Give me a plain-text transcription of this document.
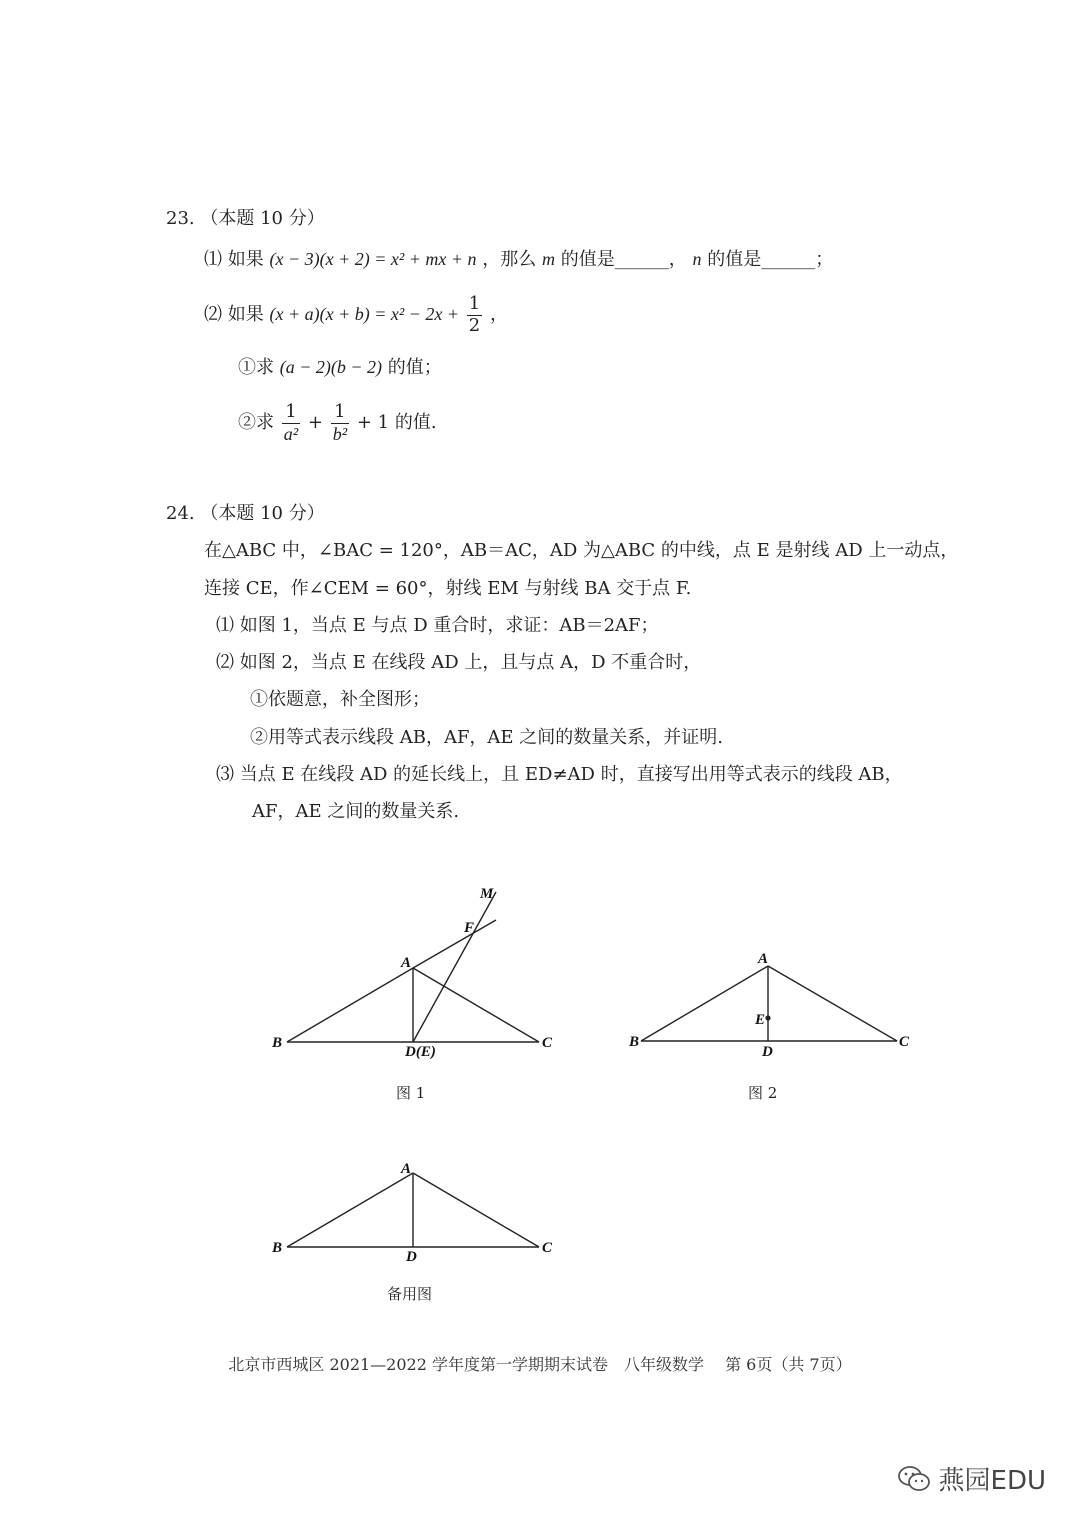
23. （本题 10 分）
⑴ 如果 (x − 3)(x + 2) = x² + mx + n ，那么 m 的值是______， n 的值是______；
⑵ 如果 $(x + a)(x + b) = x^2 - 2x + \frac{1}{2}$ ，
①求 (a − 2)(b − 2) 的值；
②求 $\frac{1}{\text{a²}} + \frac{1}{\text{b²}} + 1$ 的值.
24. （本题 10 分）
在△ABC 中，∠BAC = 120°，AB＝AC，AD 为△ABC 的中线，点 E 是射线 AD 上一动点，
连接 CE，作∠CEM = 60°，射线 EM 与射线 BA 交于点 F.
⑴ 如图 1，当点 E 与点 D 重合时，求证：AB＝2AF；
⑵ 如图 2，当点 E 在线段 AD 上，且与点 A，D 不重合时，
①依题意，补全图形；
②用等式表示线段 AB，AF，AE 之间的数量关系，并证明.
⑶ 当点 E 在线段 AD 的延长线上，且 ED≠AD 时，直接写出用等式表示的线段 AB，
AF，AE 之间的数量关系.
M
F
A
B
D(E)
C
图 1
A
E
B
D
C
图 2
A
B
D
C
备用图
北京市西城区 2021—2022 学年度第一学期期末试卷　八年级数学　 第 6页（共 7页）
燕园EDU
